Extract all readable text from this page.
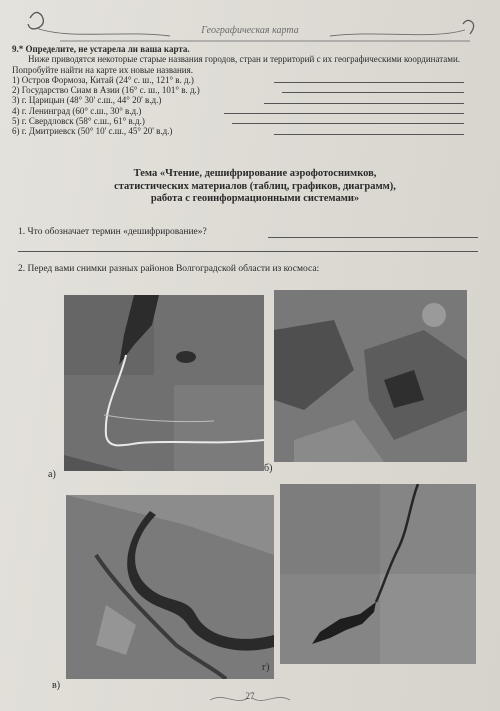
Географическая карта
9.* Определите, не устарела ли ваша карта.
Ниже приводятся некоторые старые названия городов, стран и территорий с их географическими координатами. Попробуйте найти на карте их новые названия.
1) Остров Формоза, Китай (24° с. ш., 121° в. д.)
2) Государство Сиам в Азии (16° с. ш., 101° в. д.)
3) г. Царицын (48° 30' с.ш., 44° 20' в.д.)
4) г. Ленинград (60° с.ш., 30° в.д.)
5) г. Свердловск (58° с.ш., 61° в.д.)
6) г. Дмитриевск (50° 10' с.ш., 45° 20' в.д.)
Тема «Чтение, дешифрирование аэрофотоснимков,
статистических материалов (таблиц, графиков, диаграмм),
работа с геоинформационными системами»
1. Что обозначает термин «дешифрирование»?
2. Перед вами снимки разных районов Волгоградской области из космоса:
а)
б)
в)
г)
27
